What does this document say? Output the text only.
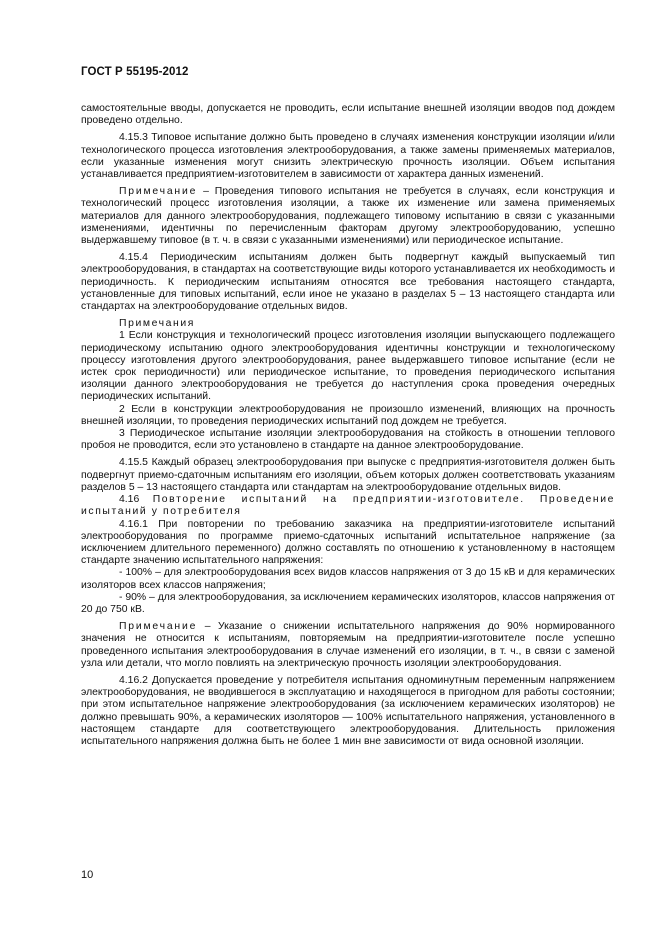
ГОСТ Р 55195-2012

самостоятельные вводы, допускается не проводить, если испытание внешней изоляции вводов под дождем проведено отдельно.

4.15.3 Типовое испытание должно быть проведено в случаях изменения конструкции изоляции и/или технологического процесса изготовления электрооборудования, а также замены применяемых материалов, если указанные изменения могут снизить электрическую прочность изоляции. Объем испытания устанавливается предприятием-изготовителем в зависимости от характера данных изменений.

Примечание – Проведения типового испытания не требуется в случаях, если конструкция и технологический процесс изготовления изоляции, а также их изменение или замена применяемых материалов для данного электрооборудования, подлежащего типовому испытанию в связи с указанными изменениями, идентичны по перечисленным факторам другому электрооборудованию, успешно выдержавшему типовое (в т. ч. в связи с указанными изменениями) или периодическое испытание.

4.15.4 Периодическим испытаниям должен быть подвергнут каждый выпускаемый тип электрооборудования, в стандартах на соответствующие виды которого устанавливается их необходимость и периодичность. К периодическим испытаниям относятся все требования настоящего стандарта, установленные для типовых испытаний, если иное не указано в разделах 5 – 13 настоящего стандарта или стандартах на электрооборудование отдельных видов.

Примечания

1 Если конструкция и технологический процесс изготовления изоляции выпускающего подлежащего периодическому испытанию одного электрооборудования идентичны конструкции и технологическому процессу изготовления другого электрооборудования, ранее выдержавшего типовое испытание (если не истек срок периодичности) или периодическое испытание, то проведения периодического испытания изоляции данного электрооборудования не требуется до наступления срока проведения очередных периодических испытаний.

2 Если в конструкции электрооборудования не произошло изменений, влияющих на прочность внешней изоляции, то проведения периодических испытаний под дождем не требуется.

3 Периодическое испытание изоляции электрооборудования на стойкость в отношении теплового пробоя не проводится, если это установлено в стандарте на данное электрооборудование.

4.15.5 Каждый образец электрооборудования при выпуске с предприятия-изготовителя должен быть подвергнут приемо-сдаточным испытаниям его изоляции, объем которых должен соответствовать указаниям разделов 5 – 13 настоящего стандарта или стандартам на электрооборудование отдельных видов.

4.16 Повторение испытаний на предприятии-изготовителе. Проведение испытаний у потребителя

4.16.1 При повторении по требованию заказчика на предприятии-изготовителе испытаний электрооборудования по программе приемо-сдаточных испытаний испытательное напряжение (за исключением длительного переменного) должно составлять по отношению к установленному в настоящем стандарте значению испытательного напряжения:

- 100% – для электрооборудования всех видов классов напряжения от 3 до 15 кВ и для керамических изоляторов всех классов напряжения;

- 90% – для электрооборудования, за исключением керамических изоляторов, классов напряжения от 20 до 750 кВ.

Примечание – Указание о снижении испытательного напряжения до 90% нормированного значения не относится к испытаниям, повторяемым на предприятии-изготовителе после успешно проведенного испытания электрооборудования в случае изменений его изоляции, в т. ч., в связи с заменой узла или детали, что могло повлиять на электрическую прочность изоляции электрооборудования.

4.16.2 Допускается проведение у потребителя испытания одноминутным переменным напряжением электрооборудования, не вводившегося в эксплуатацию и находящегося в пригодном для работы состоянии; при этом испытательное напряжение электрооборудования (за исключением керамических изоляторов) не должно превышать 90%, а керамических изоляторов — 100% испытательного напряжения, установленного в настоящем стандарте для соответствующего электрооборудования. Длительность приложения испытательного напряжения должна быть не более 1 мин вне зависимости от вида основной изоляции.

10
